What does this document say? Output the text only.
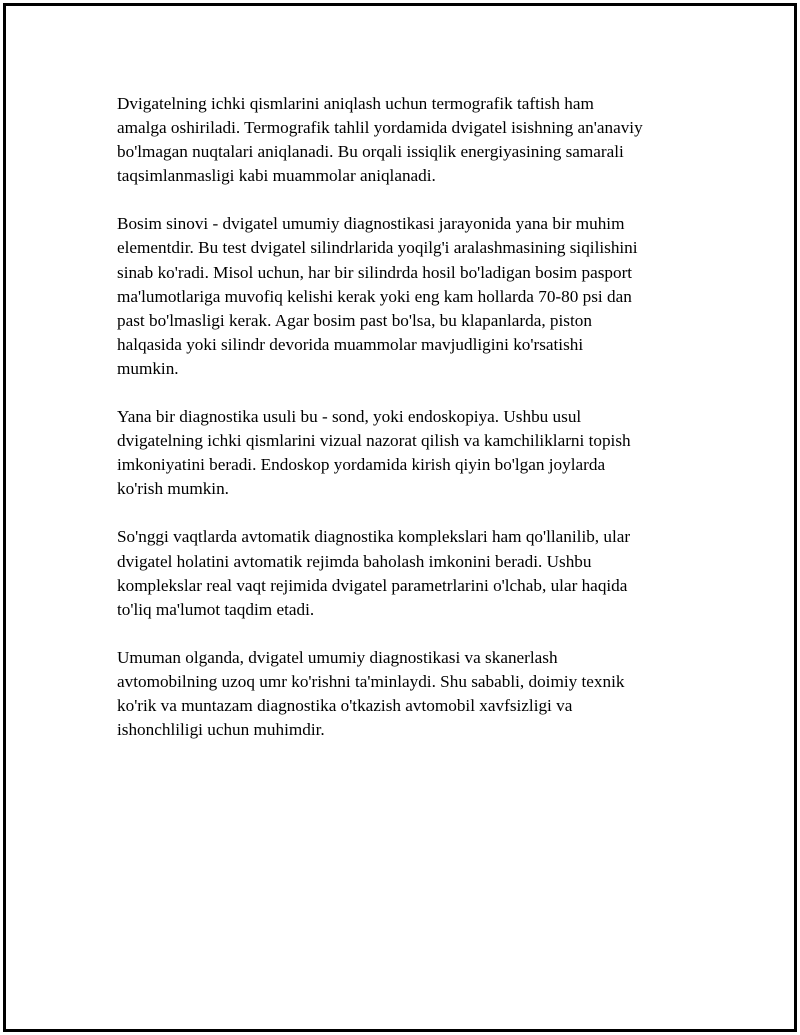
Dvigatelning ichki qismlarini aniqlash uchun termografik taftish ham
amalga oshiriladi. Termografik tahlil yordamida dvigatel isishning an'anaviy
bo'lmagan nuqtalari aniqlanadi. Bu orqali issiqlik energiyasining samarali
taqsimlanmasligi kabi muammolar aniqlanadi.

Bosim sinovi - dvigatel umumiy diagnostikasi jarayonida yana bir muhim
elementdir. Bu test dvigatel silindrlarida yoqilg'i aralashmasining siqilishini
sinab ko'radi. Misol uchun, har bir silindrda hosil bo'ladigan bosim pasport
ma'lumotlariga muvofiq kelishi kerak yoki eng kam hollarda 70-80 psi dan
past bo'lmasligi kerak. Agar bosim past bo'lsa, bu klapanlarda, piston
halqasida yoki silindr devorida muammolar mavjudligini ko'rsatishi
mumkin.

Yana bir diagnostika usuli bu - sond, yoki endoskopiya. Ushbu usul
dvigatelning ichki qismlarini vizual nazorat qilish va kamchiliklarni topish
imkoniyatini beradi. Endoskop yordamida kirish qiyin bo'lgan joylarda
ko'rish mumkin.

So'nggi vaqtlarda avtomatik diagnostika komplekslari ham qo'llanilib, ular
dvigatel holatini avtomatik rejimda baholash imkonini beradi. Ushbu
komplekslar real vaqt rejimida dvigatel parametrlarini o'lchab, ular haqida
to'liq ma'lumot taqdim etadi.

Umuman olganda, dvigatel umumiy diagnostikasi va skanerlash
avtomobilning uzoq umr ko'rishni ta'minlaydi. Shu sababli, doimiy texnik
ko'rik va muntazam diagnostika o'tkazish avtomobil xavfsizligi va
ishonchliligi uchun muhimdir.
